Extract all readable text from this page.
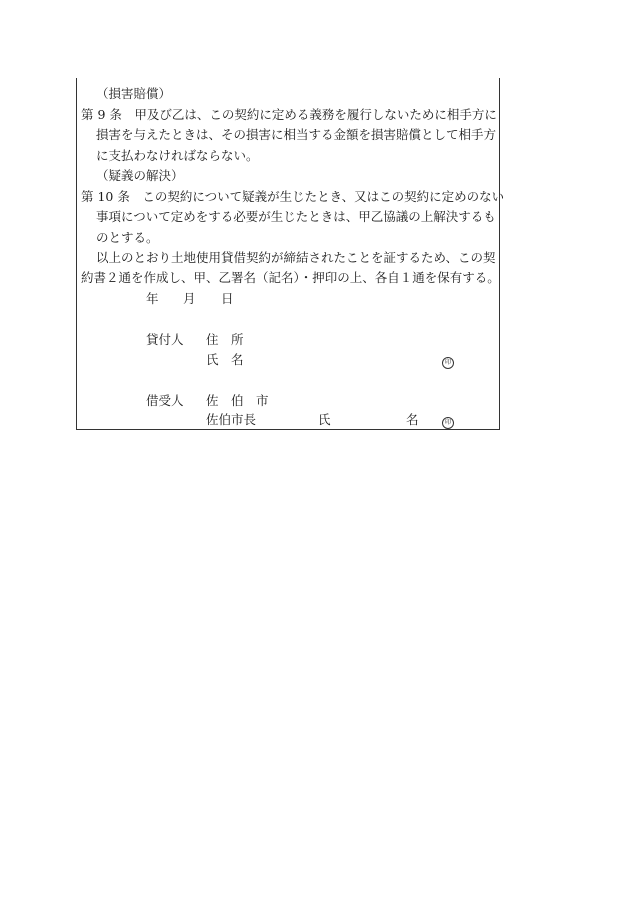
（損害賠償）
第 9 条　甲及び乙は、この契約に定める義務を履行しないために相手方に
損害を与えたときは、その損害に相当する金額を損害賠償として相手方
に支払わなければならない。
（疑義の解決）
第 10 条　この契約について疑義が生じたとき、又はこの契約に定めのない
事項について定めをする必要が生じたときは、甲乙協議の上解決するも
のとする。
以上のとおり土地使用貸借契約が締結されたことを証するため、この契
約書２通を作成し、甲、乙署名（記名）・押印の上、各自１通を保有する。
年 月 日
貸付人 住　所
氏　名	印
借受人 佐　伯　市
佐伯市長	氏	名	印
